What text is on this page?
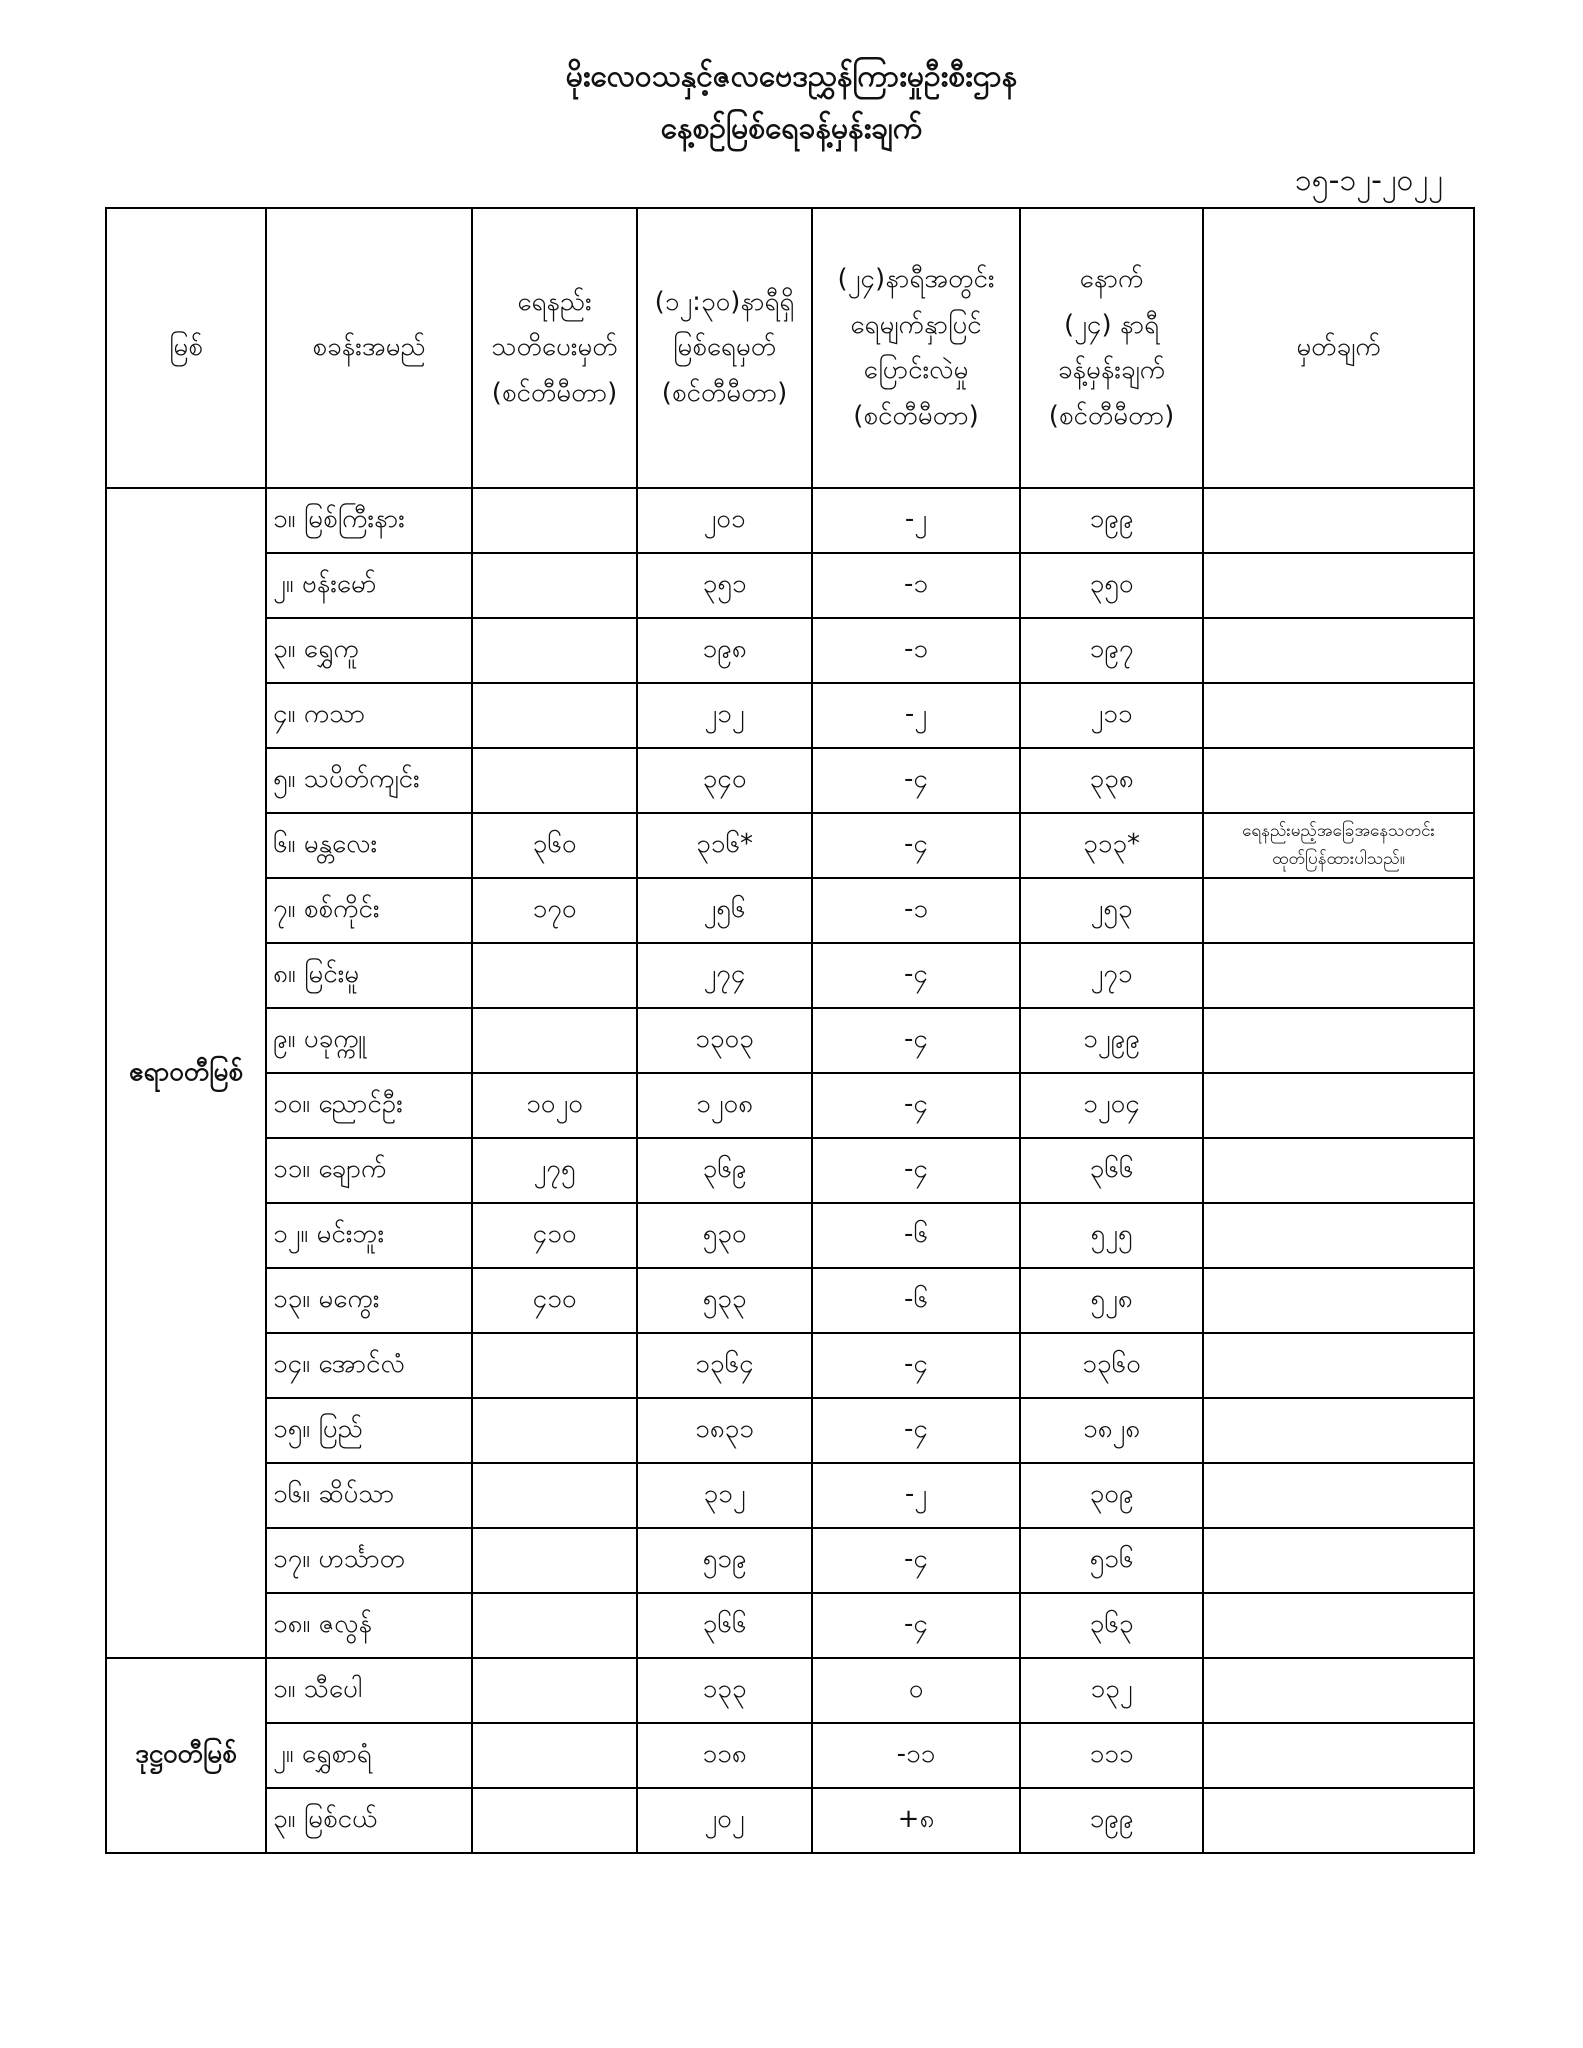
မိုးလေဝသနှင့်ဇလဗေဒညွှန်ကြားမှုဦးစီးဌာန
နေ့စဉ်မြစ်ရေခန့်မှန်းချက်
၁၅-၁၂-၂၀၂၂
မြစ်	စခန်းအမည်	ရေနည်း
သတိပေးမှတ်
(စင်တီမီတာ)	(၁၂:၃၀)နာရီရှိ
မြစ်ရေမှတ်
(စင်တီမီတာ)	(၂၄)နာရီအတွင်း
ရေမျက်နှာပြင်
ပြောင်းလဲမှု
(စင်တီမီတာ)	နောက်
(၂၄) နာရီ
ခန့်မှန်းချက်
(စင်တီမီတာ)	မှတ်ချက်
ဧရာဝတီမြစ်	၁။ မြစ်ကြီးနား		၂၀၁	-၂	၁၉၉	
	၂။ ဗန်းမော်		၃၅၁	-၁	၃၅၀	
	၃။ ရွှေကူ		၁၉၈	-၁	၁၉၇	
	၄။ ကသာ		၂၁၂	-၂	၂၁၁	
	၅။ သပိတ်ကျင်း		၃၄၀	-၄	၃၃၈	
	၆။ မန္တလေး	၃၆၀	၃၁၆*	-၄	၃၁၃*	ရေနည်းမည့်အခြေအနေသတင်း
ထုတ်ပြန်ထားပါသည်။
	၇။ စစ်ကိုင်း	၁၇၀	၂၅၆	-၁	၂၅၃	
	၈။ မြင်းမူ		၂၇၄	-၄	၂၇၁	
	၉။ ပခုက္ကူ		၁၃၀၃	-၄	၁၂၉၉	
	၁၀။ ညောင်ဦး	၁၀၂၀	၁၂၀၈	-၄	၁၂၀၄	
	၁၁။ ချောက်	၂၇၅	၃၆၉	-၄	၃၆၆	
	၁၂။ မင်းဘူး	၄၁၀	၅၃၀	-၆	၅၂၅	
	၁၃။ မကွေး	၄၁၀	၅၃၃	-၆	၅၂၈	
	၁၄။ အောင်လံ		၁၃၆၄	-၄	၁၃၆၀	
	၁၅။ ပြည်		၁၈၃၁	-၄	၁၈၂၈	
	၁၆။ ဆိပ်သာ		၃၁၂	-၂	၃၀၉	
	၁၇။ ဟင်္သာတ		၅၁၉	-၄	၅၁၆	
	၁၈။ ဇလွန်		၃၆၆	-၄	၃၆၃	
ဒုဋ္ဌဝတီမြစ်	၁။ သီပေါ		၁၃၃	၀	၁၃၂	
	၂။ ရွှေစာရံ		၁၁၈	-၁၁	၁၁၁	
	၃။ မြစ်ငယ်		၂၀၂	+၈	၁၉၉	
